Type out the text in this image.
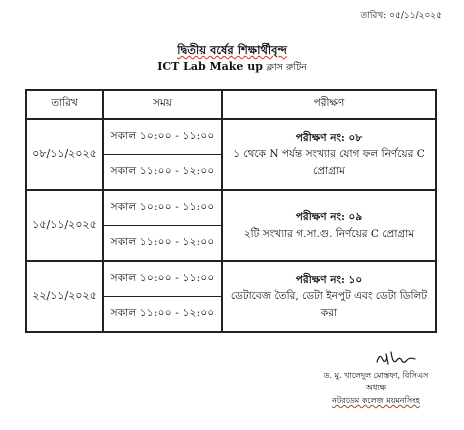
তারিখ: ০৫/১১/২০২৫
দ্বিতীয় বর্ষের শিক্ষার্থীবৃন্দ
ICT Lab Make up ক্লাস রুটিন
তারিখ	সময়	পরীক্ষণ
০৮/১১/২০২৫	সকাল ১০:০০ - ১১:০০	পরীক্ষণ নং: ০৮
১ থেকে N পর্যন্ত সংখ্যার যোগ ফল নির্ণয়ের C প্রোগ্রাম

	সকাল ১১:০০ - ১২:০০	
১৫/১১/২০২৫	সকাল ১০:০০ - ১১:০০	পরীক্ষণ নং: ০৯
২টি সংখ্যার গ.সা.গু. নির্ণয়ের C প্রোগ্রাম

	সকাল ১১:০০ - ১২:০০	
২২/১১/২০২৫	সকাল ১০:০০ - ১১:০০	পরীক্ষণ নং: ১০
ডেটাবেজ তৈরি, ডেটা ইনপুট এবং ডেটা ডিলিট করা

	সকাল ১১:০০ - ১২:০০	
ড. মু. খালেদুল মোস্তফা, বিসিএস
অধ্যক্ষ
নটরডেম কলেজ ময়মনসিংহ
